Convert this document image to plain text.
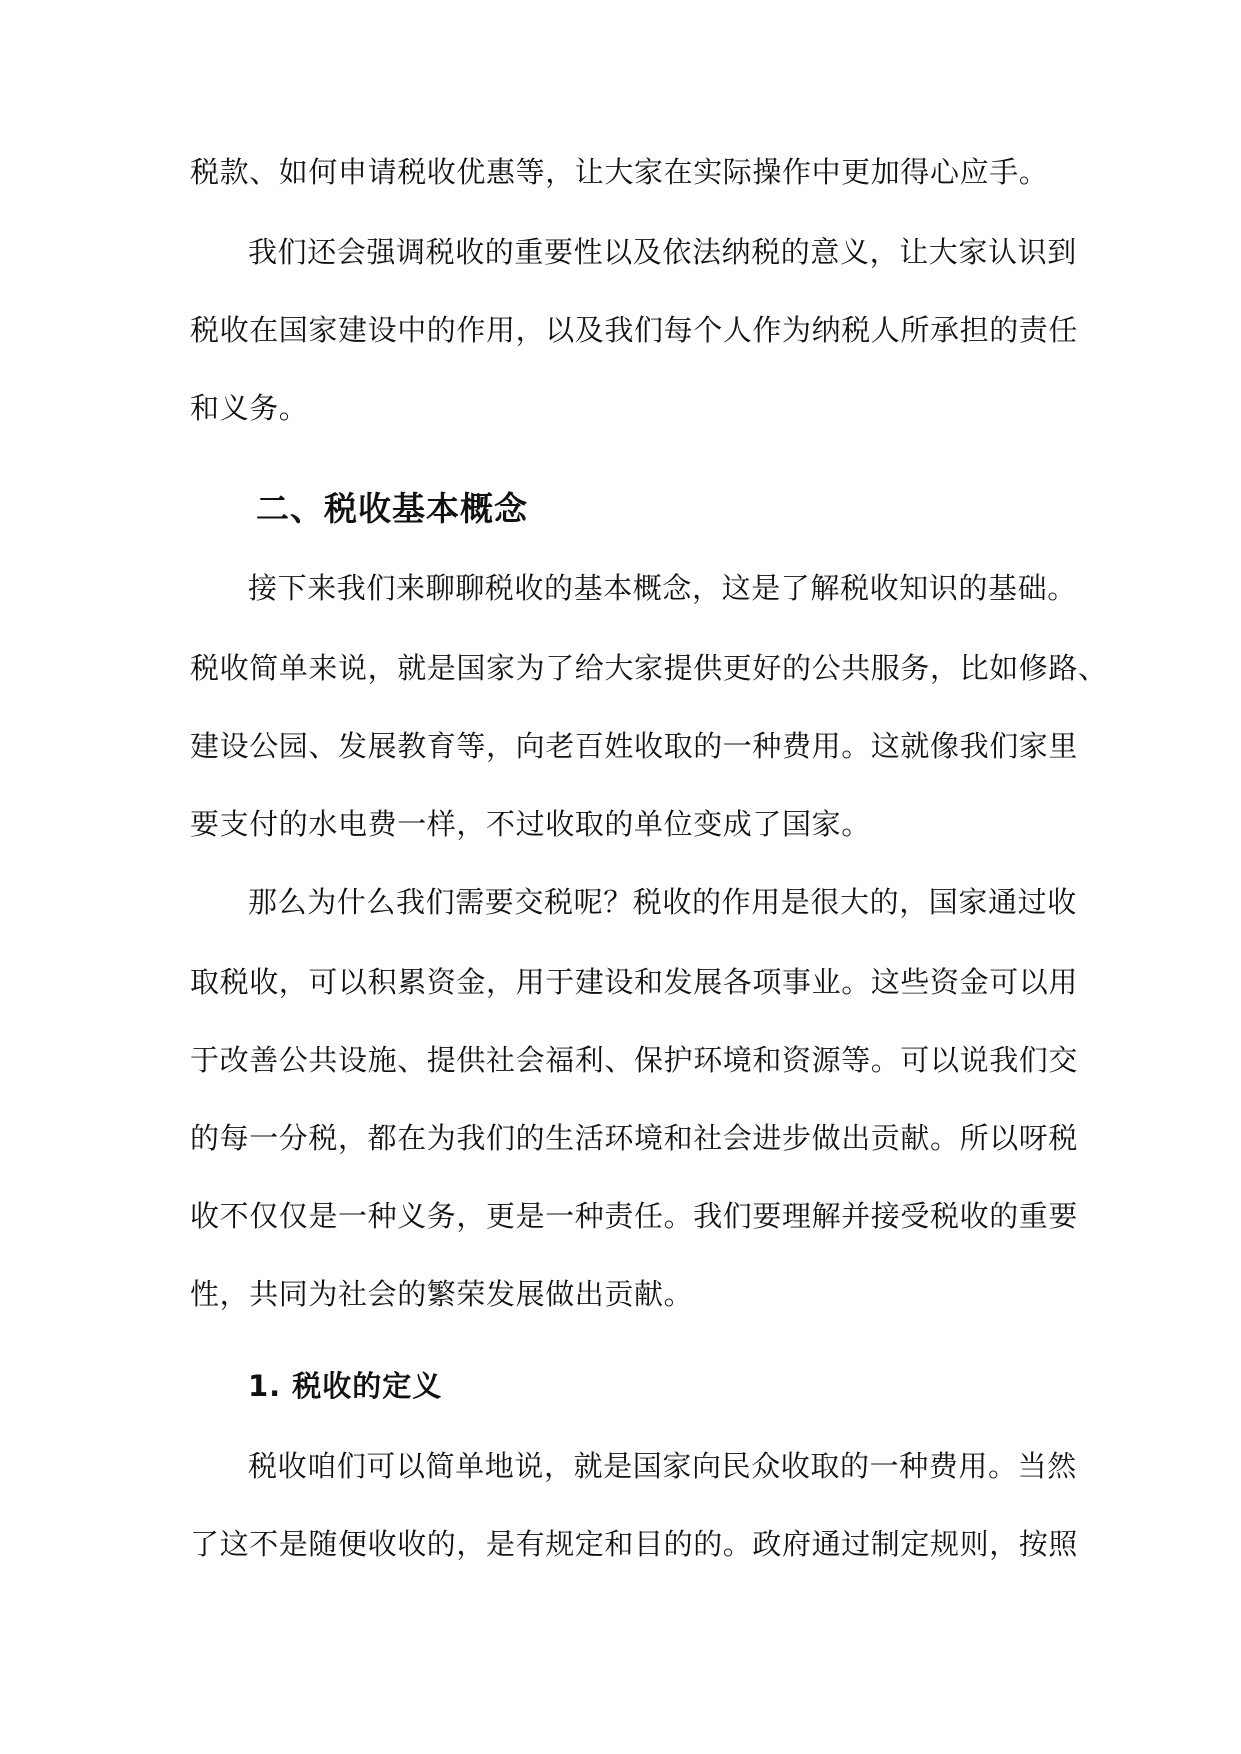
税款、如何申请税收优惠等，让大家在实际操作中更加得心应手。
我们还会强调税收的重要性以及依法纳税的意义，让大家认识到
税收在国家建设中的作用，以及我们每个人作为纳税人所承担的责任
和义务。
二、税收基本概念
接下来我们来聊聊税收的基本概念，这是了解税收知识的基础。
税收简单来说，就是国家为了给大家提供更好的公共服务，比如修路、
建设公园、发展教育等，向老百姓收取的一种费用。这就像我们家里
要支付的水电费一样，不过收取的单位变成了国家。
那么为什么我们需要交税呢？税收的作用是很大的，国家通过收
取税收，可以积累资金，用于建设和发展各项事业。这些资金可以用
于改善公共设施、提供社会福利、保护环境和资源等。可以说我们交
的每一分税，都在为我们的生活环境和社会进步做出贡献。所以呀税
收不仅仅是一种义务，更是一种责任。我们要理解并接受税收的重要
性，共同为社会的繁荣发展做出贡献。
1. 税收的定义
税收咱们可以简单地说，就是国家向民众收取的一种费用。当然
了这不是随便收收的，是有规定和目的的。政府通过制定规则，按照
